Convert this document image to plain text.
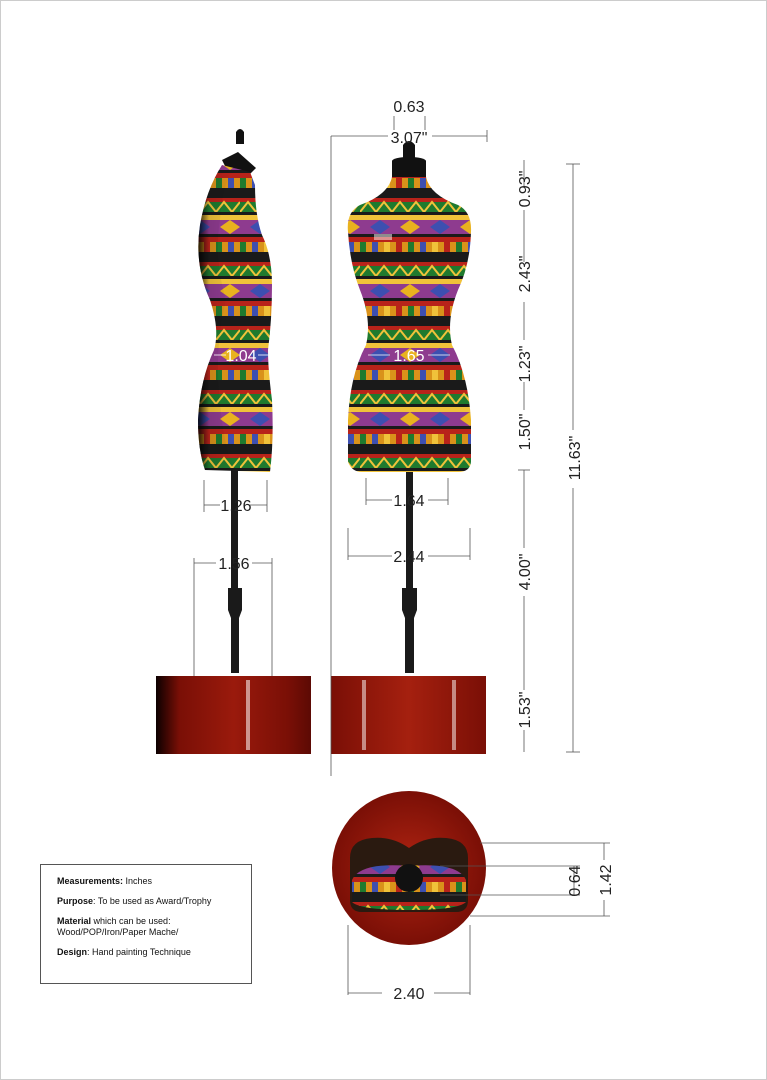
0.63
3.07"
1.04	1.65
1.26	1.64
1.56	2.44
0.93"
2.43"
1.23"
1.50"
4.00"
1.53"
11.63"
0.64 1.42
2.40

Measurements: Inches

Purpose: To be used as Award/Trophy

Material which can be used:
Wood/POP/Iron/Paper Mache/

Design: Hand painting Technique
